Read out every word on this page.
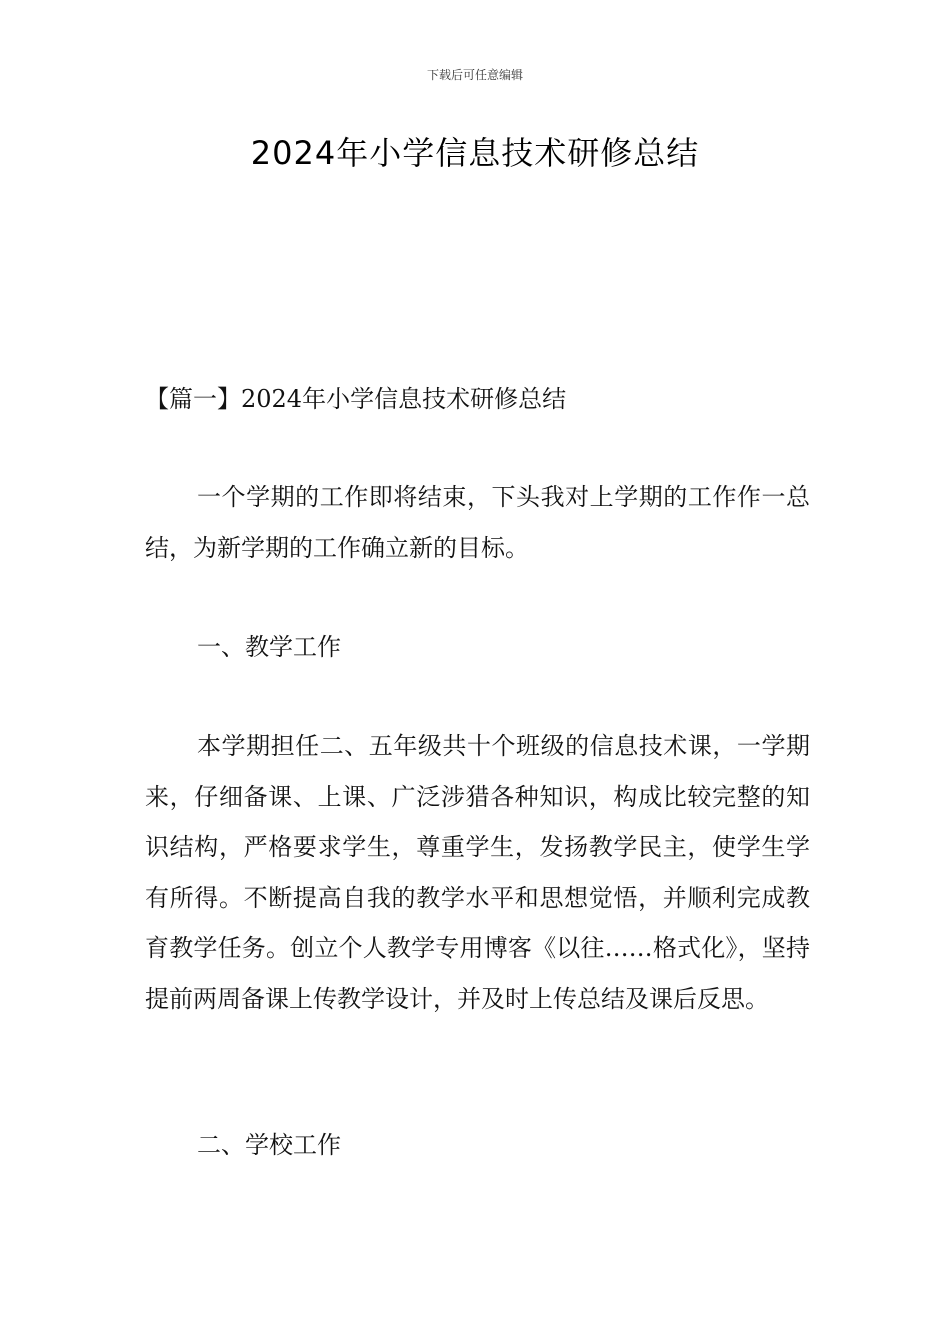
下载后可任意编辑
2024年小学信息技术研修总结
【篇一】2024年小学信息技术研修总结
一个学期的工作即将结束，下头我对上学期的工作作一总结，为新学期的工作确立新的目标。
一、教学工作
本学期担任二、五年级共十个班级的信息技术课，一学期来，仔细备课、上课、广泛涉猎各种知识，构成比较完整的知识结构，严格要求学生，尊重学生，发扬教学民主，使学生学有所得。不断提高自我的教学水平和思想觉悟，并顺利完成教育教学任务。创立个人教学专用博客《以往……格式化》，坚持提前两周备课上传教学设计，并及时上传总结及课后反思。
二、学校工作
